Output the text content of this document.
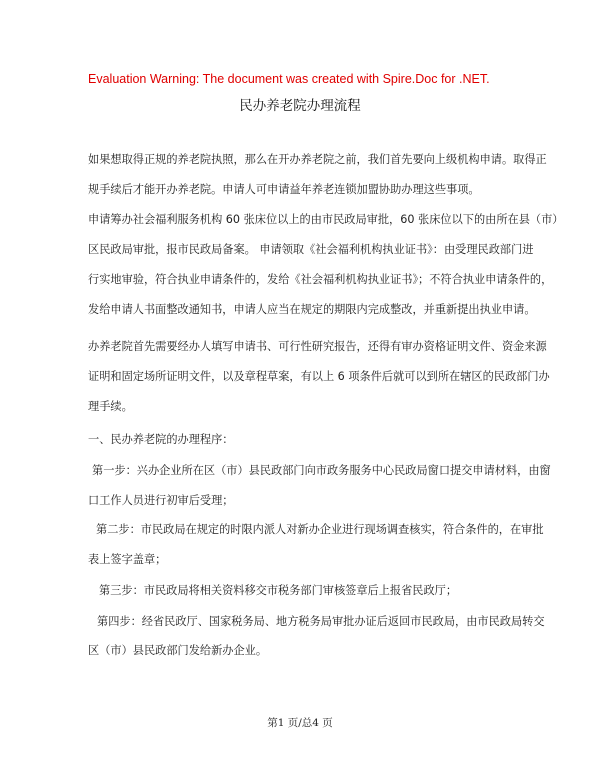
Evaluation Warning: The document was created with Spire.Doc for .NET.
民办养老院办理流程
如果想取得正规的养老院执照，那么在开办养老院之前，我们首先要向上级机构申请。取得正
规手续后才能开办养老院。申请人可申请益年养老连锁加盟协助办理这些事项。
申请筹办社会福利服务机构 60 张床位以上的由市民政局审批，60 张床位以下的由所在县（市）
区民政局审批，报市民政局备案。 申请领取《社会福利机构执业证书》：由受理民政部门进
行实地审验，符合执业申请条件的，发给《社会福利机构执业证书》；不符合执业申请条件的，
发给申请人书面整改通知书，申请人应当在规定的期限内完成整改，并重新提出执业申请。
办养老院首先需要经办人填写申请书、可行性研究报告，还得有审办资格证明文件、资金来源
证明和固定场所证明文件，以及章程草案，有以上 6 项条件后就可以到所在辖区的民政部门办
理手续。
一、民办养老院的办理程序：
第一步：兴办企业所在区（市）县民政部门向市政务服务中心民政局窗口提交申请材料，由窗
口工作人员进行初审后受理；
第二步：市民政局在规定的时限内派人对新办企业进行现场调查核实，符合条件的，在审批
表上签字盖章；
第三步：市民政局将相关资料移交市税务部门审核签章后上报省民政厅；
第四步：经省民政厅、国家税务局、地方税务局审批办证后返回市民政局，由市民政局转交
区（市）县民政部门发给新办企业。
第1 页/总4 页
